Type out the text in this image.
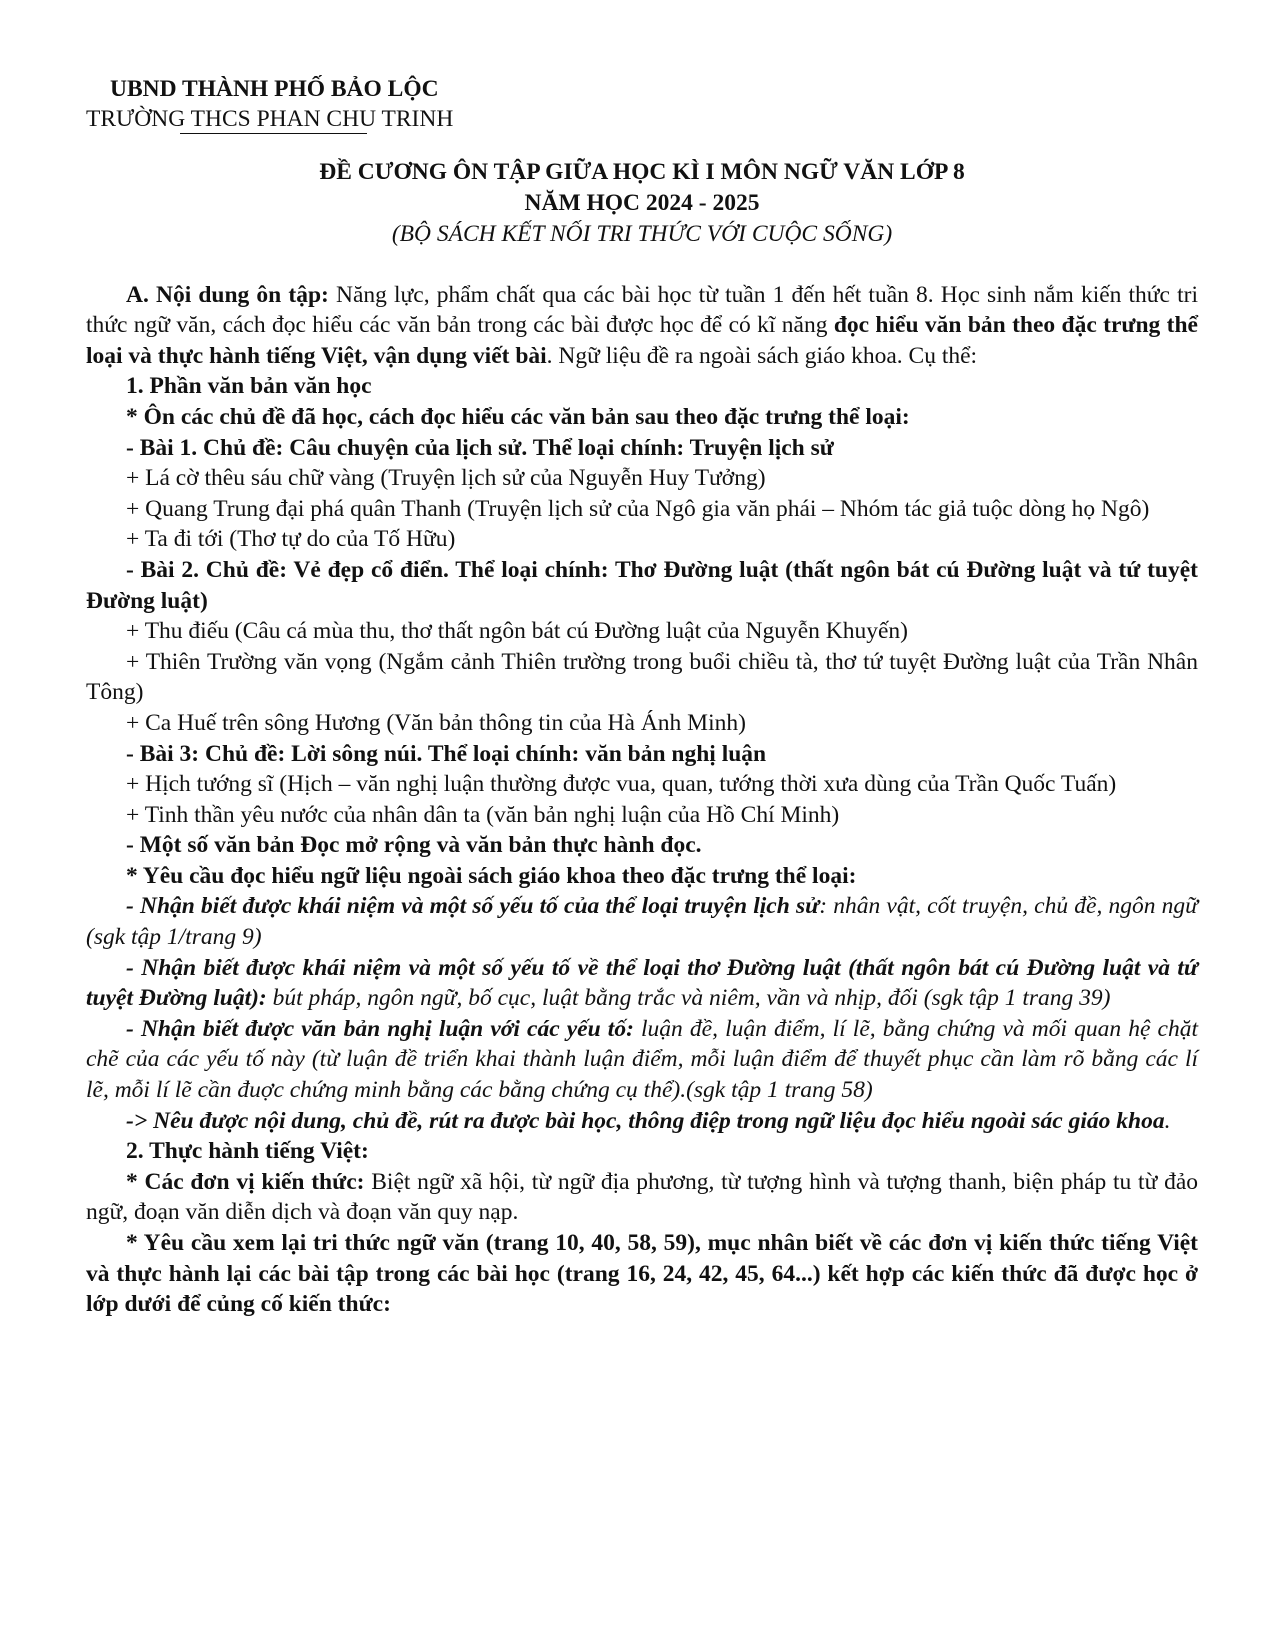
UBND THÀNH PHỐ BẢO LỘC
TRƯỜNG THCS PHAN CHU TRINH
ĐỀ CƯƠNG ÔN TẬP GIỮA HỌC KÌ I MÔN NGỮ VĂN LỚP 8
NĂM HỌC 2024 - 2025
(BỘ SÁCH KẾT NỐI TRI THỨC VỚI CUỘC SỐNG)

A. Nội dung ôn tập: Năng lực, phẩm chất qua các bài học từ tuần 1 đến hết tuần 8. Học sinh nắm kiến thức tri thức ngữ văn, cách đọc hiểu các văn bản trong các bài được học để có kĩ năng đọc hiểu văn bản theo đặc trưng thể loại và thực hành tiếng Việt, vận dụng viết bài. Ngữ liệu đề ra ngoài sách giáo khoa. Cụ thể:

1. Phần văn bản văn học

* Ôn các chủ đề đã học, cách đọc hiểu các văn bản sau theo đặc trưng thể loại:

- Bài 1. Chủ đề: Câu chuyện của lịch sử. Thể loại chính: Truyện lịch sử

+ Lá cờ thêu sáu chữ vàng (Truyện lịch sử của Nguyễn Huy Tưởng)

+ Quang Trung đại phá quân Thanh (Truyện lịch sử của Ngô gia văn phái – Nhóm tác giả tuộc dòng họ Ngô)

+ Ta đi tới (Thơ tự do của Tố Hữu)

- Bài 2. Chủ đề: Vẻ đẹp cổ điển. Thể loại chính: Thơ Đường luật (thất ngôn bát cú Đường luật và tứ tuyệt Đường luật)

+ Thu điếu (Câu cá mùa thu, thơ thất ngôn bát cú Đường luật của Nguyễn Khuyến)

+ Thiên Trường văn vọng (Ngắm cảnh Thiên trường trong buổi chiều tà, thơ tứ tuyệt Đường luật của Trần Nhân Tông)

+ Ca Huế trên sông Hương (Văn bản thông tin của Hà Ánh Minh)

- Bài 3: Chủ đề: Lời sông núi. Thể loại chính: văn bản nghị luận

+ Hịch tướng sĩ (Hịch – văn nghị luận thường được vua, quan, tướng thời xưa dùng của Trần Quốc Tuấn)

+ Tinh thần yêu nước của nhân dân ta (văn bản nghị luận của Hồ Chí Minh)

- Một số văn bản Đọc mở rộng và văn bản thực hành đọc.

* Yêu cầu đọc hiểu ngữ liệu ngoài sách giáo khoa theo đặc trưng thể loại:

- Nhận biết được khái niệm và một số yếu tố của thể loại truyện lịch sử: nhân vật, cốt truyện, chủ đề, ngôn ngữ (sgk tập 1/trang 9)

- Nhận biết được khái niệm và một số yếu tố về thể loại thơ Đường luật (thất ngôn bát cú Đường luật và tứ tuyệt Đường luật): bút pháp, ngôn ngữ, bố cục, luật bằng trắc và niêm, vần và nhịp, đối (sgk tập 1 trang 39)

- Nhận biết được văn bản nghị luận với các yếu tố: luận đề, luận điểm, lí lẽ, bằng chứng và mối quan hệ chặt chẽ của các yếu tố này (từ luận đề triển khai thành luận điểm, mỗi luận điểm để thuyết phục cần làm rõ bằng các lí lẽ, mỗi lí lẽ cần đuợc chứng minh bằng các bằng chứng cụ thể).(sgk tập 1 trang 58)

-> Nêu được nội dung, chủ đề, rút ra được bài học, thông điệp trong ngữ liệu đọc hiểu ngoài sác giáo khoa.

2. Thực hành tiếng Việt:

* Các đơn vị kiến thức: Biệt ngữ xã hội, từ ngữ địa phương, từ tượng hình và tượng thanh, biện pháp tu từ đảo ngữ, đoạn văn diễn dịch và đoạn văn quy nạp.

* Yêu cầu xem lại tri thức ngữ văn (trang 10, 40, 58, 59), mục nhân biết về các đơn vị kiến thức tiếng Việt và thực hành lại các bài tập trong các bài học (trang 16, 24, 42, 45, 64...) kết hợp các kiến thức đã được học ở lớp dưới để củng cố kiến thức:
